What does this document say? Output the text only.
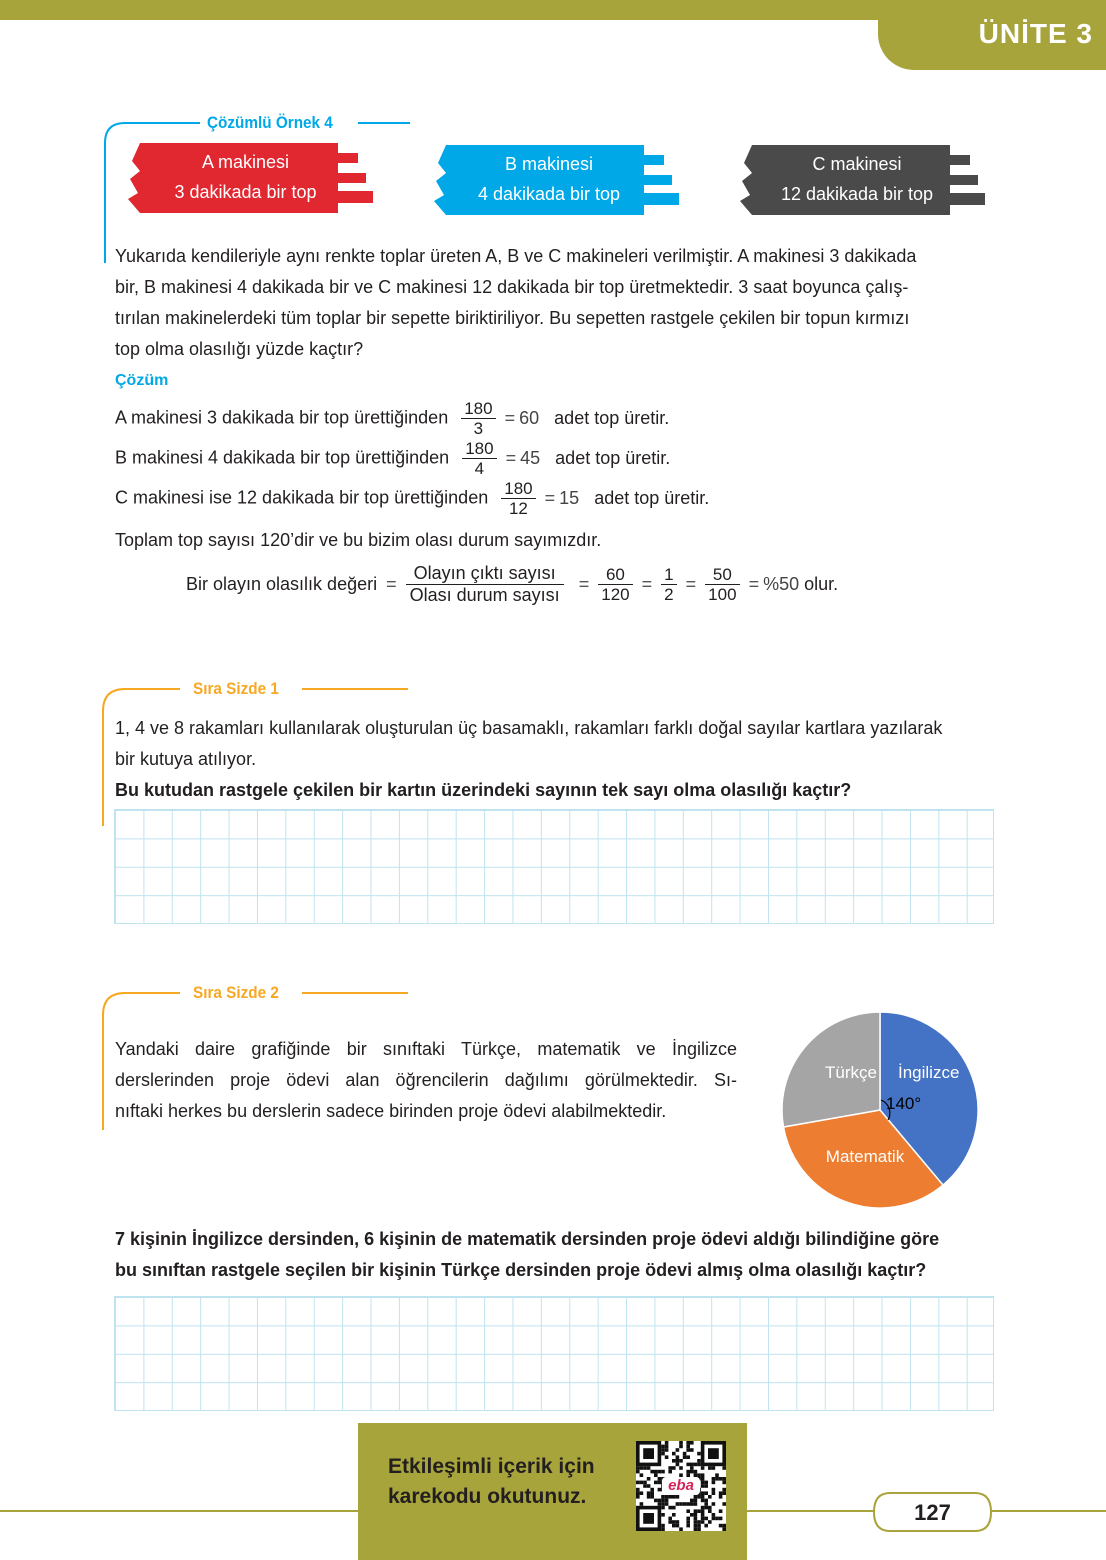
ÜNİTE 3
Çözümlü Örnek 4
A makinesi
3 dakikada bir top
B makinesi
4 dakikada bir top
C makinesi
12 dakikada bir top
Yukarıda kendileriyle aynı renkte toplar üreten A, B ve C makineleri verilmiştir. A makinesi 3 dakikada
bir, B makinesi 4 dakikada bir ve C makinesi 12 dakikada bir top üretmektedir. 3 saat boyunca çalış-
tırılan makinelerdeki tüm toplar bir sepette biriktiriliyor. Bu sepetten rastgele çekilen bir topun kırmızı
top olma olasılığı yüzde kaçtır?
Çözüm
A makinesi 3 dakikada bir top ürettiğinden $\frac{180}{3} = 60$ adet top üretir.
B makinesi 4 dakikada bir top ürettiğinden $\frac{180}{4} = 45$ adet top üretir.
C makinesi ise 12 dakikada bir top ürettiğinden $\frac{180}{12} = 15$ adet top üretir.
Toplam top sayısı 120’dir ve bu bizim olası durum sayımızdır.
Bir olayın olasılık değeri = $\frac{\text{Olayın çıktı sayısı}}{\text{Olası durum sayısı}} = \frac{60}{120} = \frac{1}{2} = \frac{50}{100} = \%50$ olur.
Sıra Sizde 1
1, 4 ve 8 rakamları kullanılarak oluşturulan üç basamaklı, rakamları farklı doğal sayılar kartlara yazılarak
bir kutuya atılıyor.
Bu kutudan rastgele çekilen bir kartın üzerindeki sayının tek sayı olma olasılığı kaçtır?
Sıra Sizde 2
Yandaki daire grafiğinde bir sınıftaki Türkçe, matematik ve İngilizce
derslerinden proje ödevi alan öğrencilerin dağılımı görülmektedir. Sı-
nıftaki herkes bu derslerin sadece birinden proje ödevi alabilmektedir.
İngilizce
Matematik
Türkçe
140°
7 kişinin İngilizce dersinden, 6 kişinin de matematik dersinden proje ödevi aldığı bilindiğine göre
bu sınıftan rastgele seçilen bir kişinin Türkçe dersinden proje ödevi almış olma olasılığı kaçtır?
Etkileşimli içerik için
karekodu okutunuz.	eba
127
